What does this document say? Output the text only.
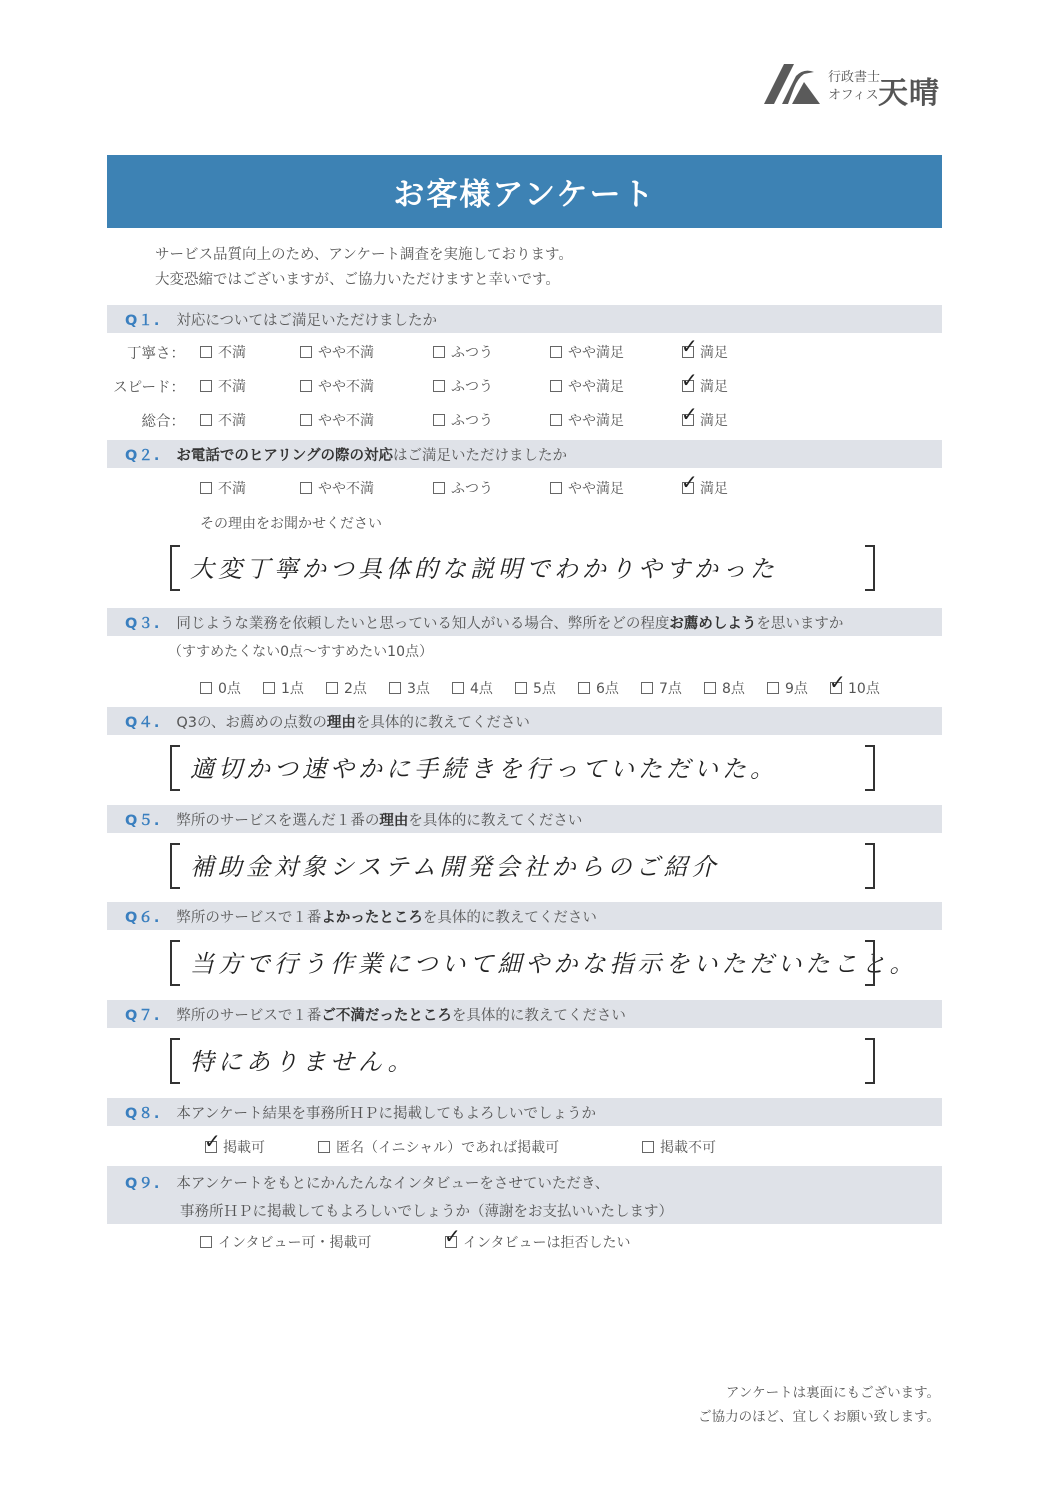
行政書士
オフィス 天晴
お客様アンケート
サービス品質向上のため、アンケート調査を実施しております。
大変恐縮ではございますが、ご協力いただけますと幸いです。
Q１. 対応についてはご満足いただけましたか
丁寧さ： 不満	やや不満	ふつう	やや満足 ✓	満足
スピード： 不満	やや不満	ふつう	やや満足 ✓	満足
総合： 不満	やや不満	ふつう	やや満足 ✓	満足
Q２. お電話でのヒアリングの際の対応 はご満足いただけましたか
不満	やや不満	ふつう	やや満足 ✓	満足
その理由をお聞かせください
大変丁寧かつ具体的な説明でわかりやすかった
Q３. 同じような業務を依頼したいと思っている知人がいる場合、弊所をどの程度 お薦めしよう を思いますか
（すすめたくない0点～すすめたい10点）
0点	1点	2点	3点	4点	5点	6点	7点	8点	9点 ✓	10点
Q４. Q3の、お薦めの点数の 理由 を具体的に教えてください
適切かつ速やかに手続きを行っていただいた。
Q５. 弊所のサービスを選んだ１番の 理由 を具体的に教えてください
補助金対象システム開発会社からのご紹介
Q６. 弊所のサービスで１番 よかったところ を具体的に教えてください
当方で行う作業について細やかな指示をいただいたこと。
Q７. 弊所のサービスで１番 ご不満だったところ を具体的に教えてください
特にありません。
Q８. 本アンケート結果を事務所ＨＰに掲載してもよろしいでしょうか
✓
掲載可	匿名（イニシャル）であれば掲載可	掲載不可
Q９. 本アンケートをもとにかんたんなインタビューをさせていただき、
事務所ＨＰに掲載してもよろしいでしょうか（薄謝をお支払いいたします）
インタビュー可・掲載可 ✓	インタビューは拒否したい
アンケートは裏面にもございます。
ご協力のほど、宜しくお願い致します。
